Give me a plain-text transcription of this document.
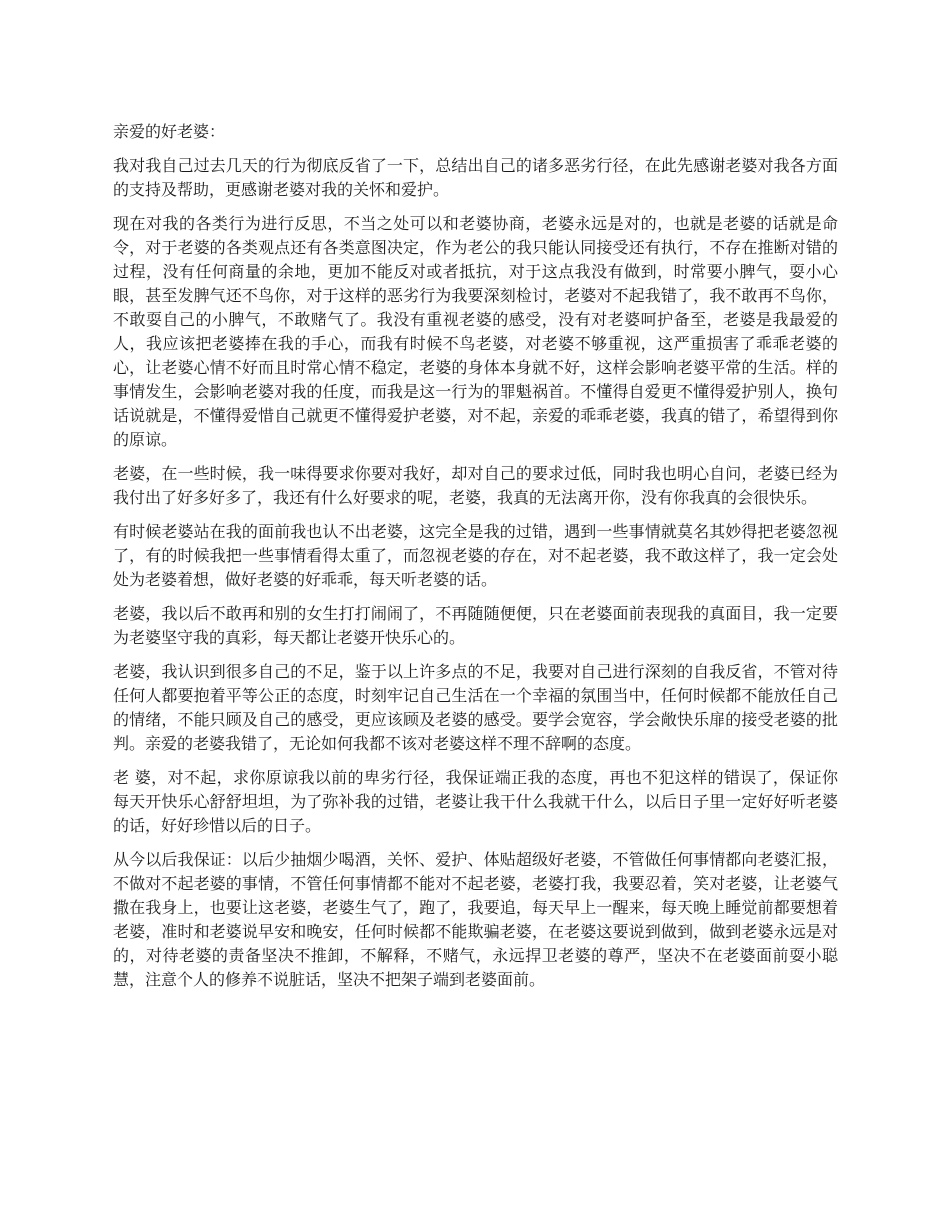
亲爱的好老婆：

我对我自己过去几天的行为彻底反省了一下，总结出自己的诸多恶劣行径，在此先感谢老婆对我各方面的支持及帮助，更感谢老婆对我的关怀和爱护。

现在对我的各类行为进行反思，不当之处可以和老婆协商，老婆永远是对的，也就是老婆的话就是命令，对于老婆的各类观点还有各类意图决定，作为老公的我只能认同接受还有执行，不存在推断对错的过程，没有任何商量的余地，更加不能反对或者抵抗，对于这点我没有做到，时常要小脾气，耍小心眼，甚至发脾气还不鸟你，对于这样的恶劣行为我要深刻检讨，老婆对不起我错了，我不敢再不鸟你，不敢耍自己的小脾气，不敢赌气了。我没有重视老婆的感受，没有对老婆呵护备至，老婆是我最爱的人，我应该把老婆捧在我的手心，而我有时候不鸟老婆，对老婆不够重视，这严重损害了乖乖老婆的心，让老婆心情不好而且时常心情不稳定，老婆的身体本身就不好，这样会影响老婆平常的生活。样的事情发生，会影响老婆对我的任度，而我是这一行为的罪魁祸首。不懂得自爱更不懂得爱护别人，换句话说就是，不懂得爱惜自己就更不懂得爱护老婆，对不起，亲爱的乖乖老婆，我真的错了，希望得到你的原谅。

老婆，在一些时候，我一味得要求你要对我好，却对自己的要求过低，同时我也明心自问，老婆已经为我付出了好多好多了，我还有什么好要求的呢，老婆，我真的无法离开你，没有你我真的会很快乐。

有时候老婆站在我的面前我也认不出老婆，这完全是我的过错，遇到一些事情就莫名其妙得把老婆忽视了，有的时候我把一些事情看得太重了，而忽视老婆的存在，对不起老婆，我不敢这样了，我一定会处处为老婆着想，做好老婆的好乖乖，每天听老婆的话。

老婆，我以后不敢再和别的女生打打闹闹了，不再随随便便，只在老婆面前表现我的真面目，我一定要为老婆坚守我的真彩，每天都让老婆开快乐心的。

老婆，我认识到很多自己的不足，鉴于以上许多点的不足，我要对自己进行深刻的自我反省，不管对待任何人都要抱着平等公正的态度，时刻牢记自己生活在一个幸福的氛围当中，任何时候都不能放任自己的情绪，不能只顾及自己的感受，更应该顾及老婆的感受。要学会宽容，学会敞快乐扉的接受老婆的批判。亲爱的老婆我错了，无论如何我都不该对老婆这样不理不辞啊的态度。

老 婆，对不起，求你原谅我以前的卑劣行径，我保证端正我的态度，再也不犯这样的错误了，保证你每天开快乐心舒舒坦坦，为了弥补我的过错，老婆让我干什么我就干什么，以后日子里一定好好听老婆的话，好好珍惜以后的日子。

从今以后我保证：以后少抽烟少喝酒，关怀、爱护、体贴超级好老婆，不管做任何事情都向老婆汇报，不做对不起老婆的事情，不管任何事情都不能对不起老婆，老婆打我，我要忍着，笑对老婆，让老婆气撒在我身上，也要让这老婆，老婆生气了，跑了，我要追，每天早上一醒来，每天晚上睡觉前都要想着老婆，准时和老婆说早安和晚安，任何时候都不能欺骗老婆，在老婆这要说到做到，做到老婆永远是对的，对待老婆的责备坚决不推卸，不解释，不赌气，永远捍卫老婆的尊严，坚决不在老婆面前耍小聪慧，注意个人的修养不说脏话，坚决不把架子端到老婆面前。
